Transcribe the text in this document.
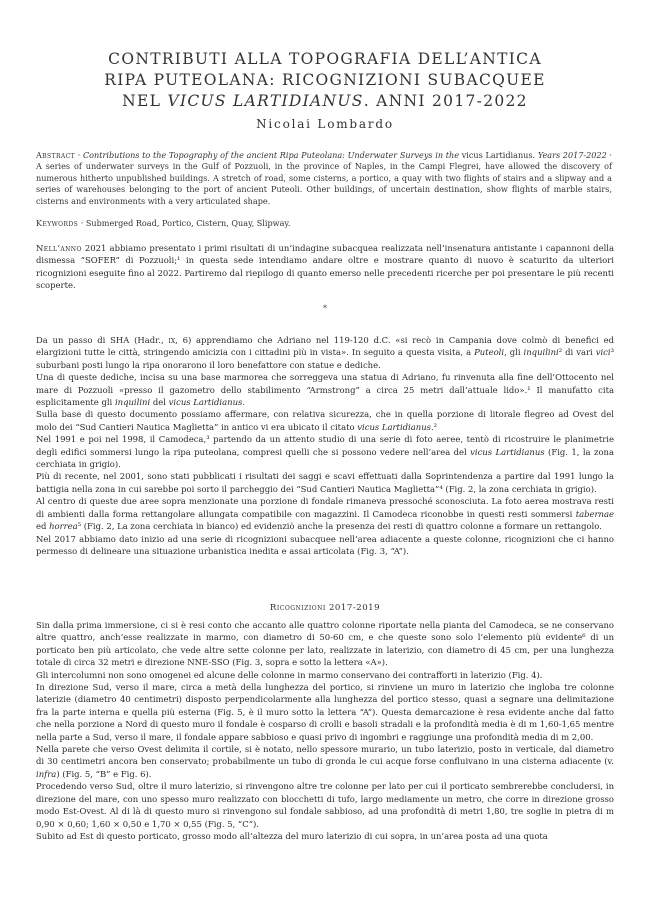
CONTRIBUTI ALLA TOPOGRAFIA DELL’ANTICA
RIPA PUTEOLANA: RICOGNIZIONI SUBACQUEE
NEL VICUS LARTIDIANUS. ANNI 2017-2022
Nicolai Lombardo
Abstract · Contributions to the Topography of the ancient Ripa Puteolana: Underwater Surveys in the vicus Lartidianus. Years 2017-2022 · A series of underwater surveys in the Gulf of Pozzuoli, in the province of Naples, in the Campi Flegrei, have allowed the discovery of numerous hitherto unpublished buildings. A stretch of road, some cisterns, a portico, a quay with two flights of stairs and a slipway and a series of warehouses belonging to the port of ancient Puteoli. Other buildings, of uncertain destination, show flights of marble stairs, cisterns and environments with a very articulated shape.
Keywords · Submerged Road, Portico, Cistern, Quay, Slipway.

Nell’anno 2021 abbiamo presentato i primi risultati di un’indagine subacquea realizzata nell’insenatura antistante i capannoni della dismessa “SOFER” di Pozzuoli;¹ in questa sede intendiamo andare oltre e mostrare quanto di nuovo è scaturito da ulteriori ricognizioni eseguite fino al 2022. Partiremo dal riepilogo di quanto emerso nelle precedenti ricerche per poi presentare le più recenti scoperte.

*

Da un passo di SHA (Hadr., ix, 6) apprendiamo che Adriano nel 119-120 d.C. «si recò in Campania dove colmò di benefici ed elargizioni tutte le città, stringendo amicizia con i cittadini più in vista». In seguito a questa visita, a Puteoli, gli inquilini² di vari vici³ suburbani posti lungo la ripa onorarono il loro benefattore con statue e dediche.

Una di queste dediche, incisa su una base marmorea che sorreggeva una statua di Adriano, fu rinvenuta alla fine dell’Ottocento nel mare di Pozzuoli «presso il gazometro dello stabilimento “Armstrong” a circa 25 metri dall’attuale lido».¹ Il manufatto cita esplicitamente gli inquilini del vicus Lartidianus.

Sulla base di questo documento possiamo affermare, con relativa sicurezza, che in quella porzione di litorale flegreo ad Ovest del molo dei “Sud Cantieri Nautica Maglietta” in antico vi era ubicato il citato vicus Lartidianus.²

Nel 1991 e poi nel 1998, il Camodeca,³ partendo da un attento studio di una serie di foto aeree, tentò di ricostruire le planimetrie degli edifici sommersi lungo la ripa puteolana, compresi quelli che si possono vedere nell’area del vicus Lartidianus (Fig. 1, la zona cerchiata in grigio).

Più di recente, nel 2001, sono stati pubblicati i risultati dei saggi e scavi effettuati dalla Soprintendenza a partire dal 1991 lungo la battigia nella zona in cui sarebbe poi sorto il parcheggio dei “Sud Cantieri Nautica Maglietta”⁴ (Fig. 2, la zona cerchiata in grigio).

Al centro di queste due aree sopra menzionate una porzione di fondale rimaneva pressoché sconosciuta. La foto aerea mostrava resti di ambienti dalla forma rettangolare allungata compatibile con magazzini. Il Camodeca riconobbe in questi resti sommersi tabernae ed horrea⁵ (Fig. 2, La zona cerchiata in bianco) ed evidenziò anche la presenza dei resti di quattro colonne a formare un rettangolo.

Nel 2017 abbiamo dato inizio ad una serie di ricognizioni subacquee nell’area adiacente a queste colonne, ricognizioni che ci hanno permesso di delineare una situazione urbanistica inedita e assai articolata (Fig. 3, “A”).

Ricognizioni 2017-2019

Sin dalla prima immersione, ci si è resi conto che accanto alle quattro colonne riportate nella pianta del Camodeca, se ne conservano altre quattro, anch’esse realizzate in marmo, con diametro di 50-60 cm, e che queste sono solo l’elemento più evidente⁶ di un porticato ben più articolato, che vede altre sette colonne per lato, realizzate in laterizio, con diametro di 45 cm, per una lunghezza totale di circa 32 metri e direzione NNE-SSO (Fig. 3, sopra e sotto la lettera «A»).

Gli intercolumni non sono omogenei ed alcune delle colonne in marmo conservano dei contrafforti in laterizio (Fig. 4).

In direzione Sud, verso il mare, circa a metà della lunghezza del portico, si rinviene un muro in laterizio che ingloba tre colonne laterizie (diametro 40 centimetri) disposto perpendicolarmente alla lunghezza del portico stesso, quasi a segnare una delimitazione fra la parte interna e quella più esterna (Fig. 5, è il muro sotto la lettera “A”). Questa demarcazione è resa evidente anche dal fatto che nella porzione a Nord di questo muro il fondale è cosparso di crolli e basoli stradali e la profondità media è di m 1,60-1,65 mentre nella parte a Sud, verso il mare, il fondale appare sabbioso e quasi privo di ingombri e raggiunge una profondità media di m 2,00.

Nella parete che verso Ovest delimita il cortile, si è notato, nello spessore murario, un tubo laterizio, posto in verticale, dal diametro di 30 centimetri ancora ben conservato; probabilmente un tubo di gronda le cui acque forse confluivano in una cisterna adiacente (v. infra) (Fig. 5, “B” e Fig. 6).

Procedendo verso Sud, oltre il muro laterizio, si rinvengono altre tre colonne per lato per cui il porticato sembrerebbe concludersi, in direzione del mare, con uno spesso muro realizzato con blocchetti di tufo, largo mediamente un metro, che corre in direzione grosso modo Est-Ovest. Al di là di questo muro si rinvengono sul fondale sabbioso, ad una profondità di metri 1,80, tre soglie in pietra di m 0,90 × 0,60; 1,60 × 0,50 e 1,70 × 0,55 (Fig. 5, “C”).

Subito ad Est di questo porticato, grosso modo all’altezza del muro laterizio di cui sopra, in un’area posta ad una quota
